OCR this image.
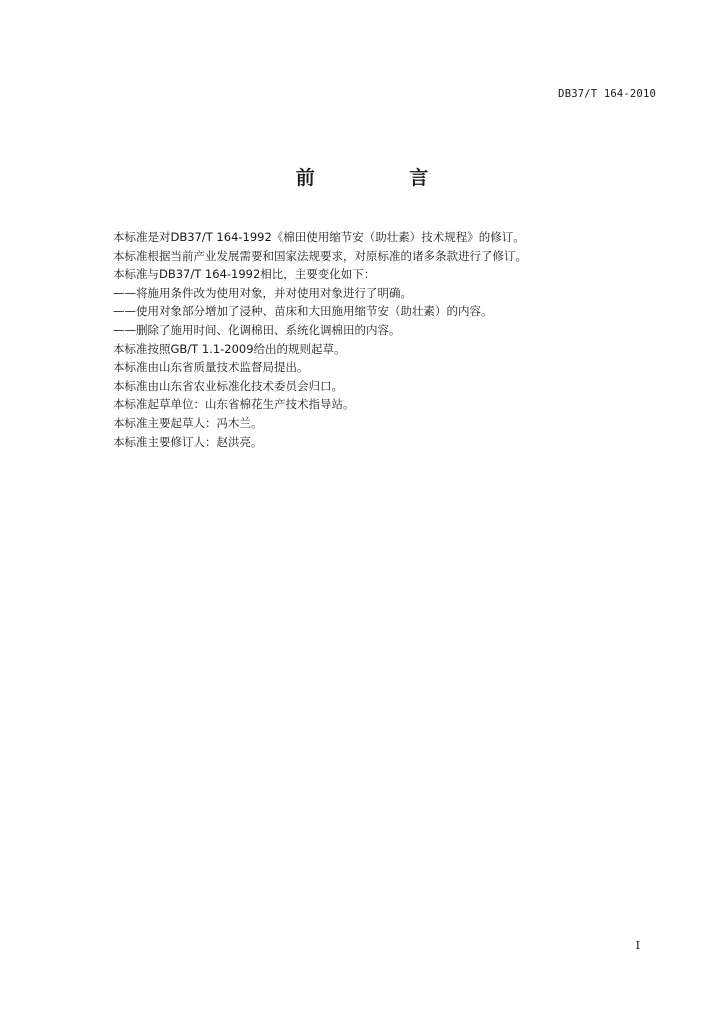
DB37/T 164-2010
前 言
本标准是对DB37/T 164-1992《棉田使用缩节安（助壮素）技术规程》的修订。
本标准根据当前产业发展需要和国家法规要求，对原标准的诸多条款进行了修订。
本标准与DB37/T 164-1992相比，主要变化如下：
——将施用条件改为使用对象，并对使用对象进行了明确。
——使用对象部分增加了浸种、苗床和大田施用缩节安（助壮素）的内容。
——删除了施用时间、化调棉田、系统化调棉田的内容。
本标准按照GB/T 1.1-2009给出的规则起草。
本标准由山东省质量技术监督局提出。
本标准由山东省农业标准化技术委员会归口。
本标准起草单位：山东省棉花生产技术指导站。
本标准主要起草人：冯木兰。
本标准主要修订人：赵洪亮。
I
